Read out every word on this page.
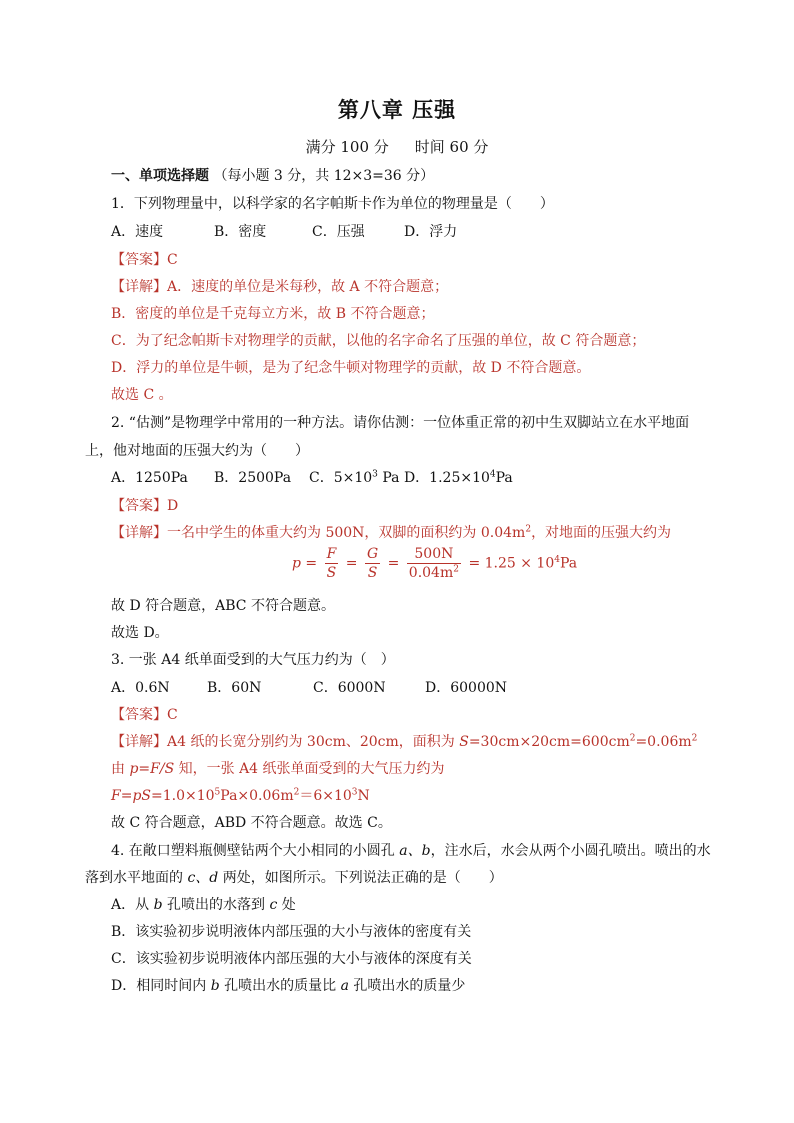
第八章 压强
满分 100 分 时间 60 分
一、单项选择题 （每小题 3 分，共 12×3=36 分）
1．下列物理量中，以科学家的名字帕斯卡作为单位的物理量是（　　）
A．速度	B．密度	C．压强	D．浮力
【答案】C
【详解】A．速度的单位是米每秒，故 A 不符合题意；
B．密度的单位是千克每立方米，故 B 不符合题意；
C．为了纪念帕斯卡对物理学的贡献，以他的名字命名了压强的单位，故 C 符合题意；
D．浮力的单位是牛顿，是为了纪念牛顿对物理学的贡献，故 D 不符合题意。
故选 C 。
2. “估测”是物理学中常用的一种方法。请你估测：一位体重正常的初中生双脚站立在水平地面
上，他对地面的压强大约为（　　）
A．1250Pa B．2500Pa C．$5\times 10^3$ Pa D．$1.25\times 10^4Pa$
【答案】D
【详解】一名中学生的体重大约为 500N，双脚的面积约为 $0.04m^2$，对地面的压强大约为
$p = \frac{F}{S} = \frac{G}{S} = \frac{500N}{0.04m^2} = 1.25 \times 10^4Pa$
故 D 符合题意，ABC 不符合题意。
故选 D。
3. 一张 A4 纸单面受到的大气压力约为（　）
A．0.6N	B．60N	C．6000N	D．60000N
【答案】C
【详解】A4 纸的长宽分别约为 30cm、20cm，面积为 $S=30cm\times 20cm=600cm^2=0.06m^2$
由 p=F/S 知，一张 A4 纸张单面受到的大气压力约为
$F=pS=1.0\times 10^5Pa\times 0.06m^2=6\times 10^3N$
故 C 符合题意，ABD 不符合题意。故选 C。
4. 在敞口塑料瓶侧壁钻两个大小相同的小圆孔 a、b，注水后，水会从两个小圆孔喷出。喷出的水
落到水平地面的 c、d 两处，如图所示。下列说法正确的是（　　）
A．从 b 孔喷出的水落到 c 处
B．该实验初步说明液体内部压强的大小与液体的密度有关
C．该实验初步说明液体内部压强的大小与液体的深度有关
D．相同时间内 b 孔喷出水的质量比 a 孔喷出水的质量少
